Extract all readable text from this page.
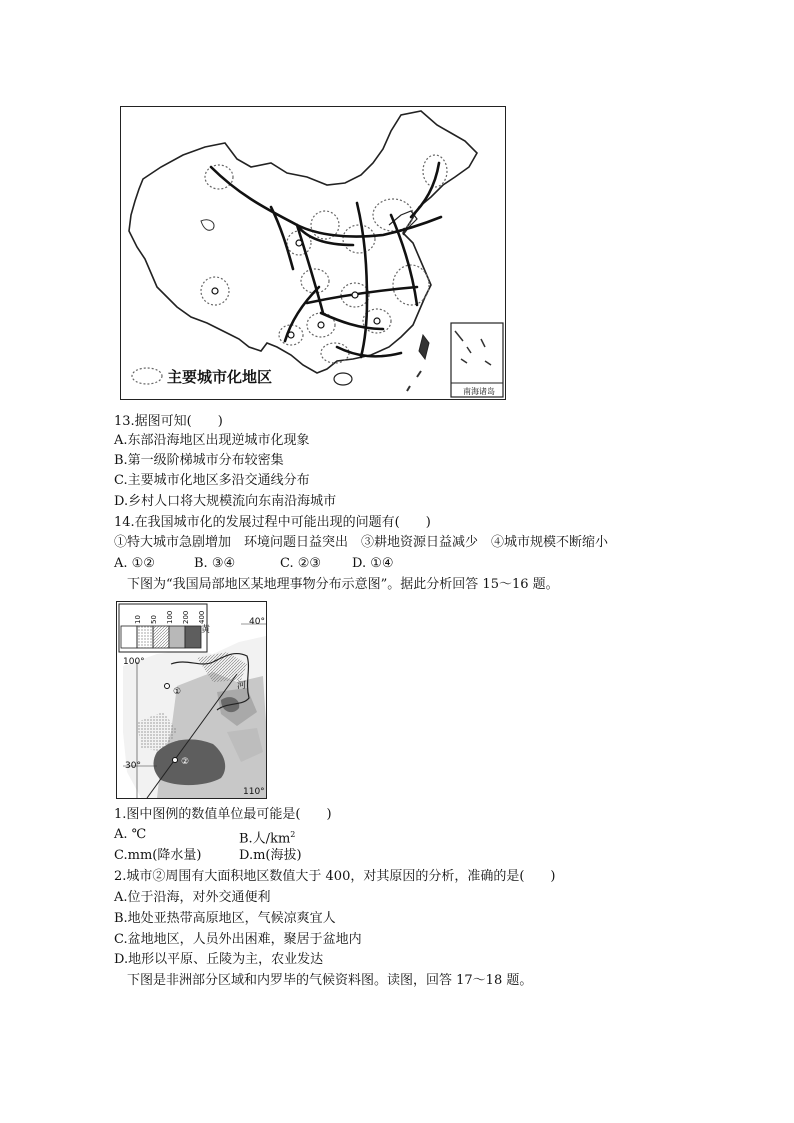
主要城市化地区
南海诸岛
13.据图可知(　　)
A.东部沿海地区出现逆城市化现象
B.第一级阶梯城市分布较密集
C.主要城市化地区多沿交通线分布
D.乡村人口将大规模流向东南沿海城市
14.在我国城市化的发展过程中可能出现的问题有(　　)
①特大城市急剧增加　环境问题日益突出　③耕地资源日益减少　④城市规模不断缩小
A. ①②	B. ③④	C. ②③ D. ①④
下图为“我国局部地区某地理事物分布示意图”。据此分析回答 15～16 题。
10 50 100 200 400
黄
40°
100°
河
30°
110°
①
②
1.图中图例的数值单位最可能是(　　)
A. ℃	B.人$/km^2$
C.mm(降水量)	D.m(海拔)
2.城市②周围有大面积地区数值大于 400，对其原因的分析，准确的是(　　)
A.位于沿海，对外交通便利
B.地处亚热带高原地区，气候凉爽宜人
C.盆地地区，人员外出困难，聚居于盆地内
D.地形以平原、丘陵为主，农业发达
下图是非洲部分区域和内罗毕的气候资料图。读图，回答 17～18 题。
